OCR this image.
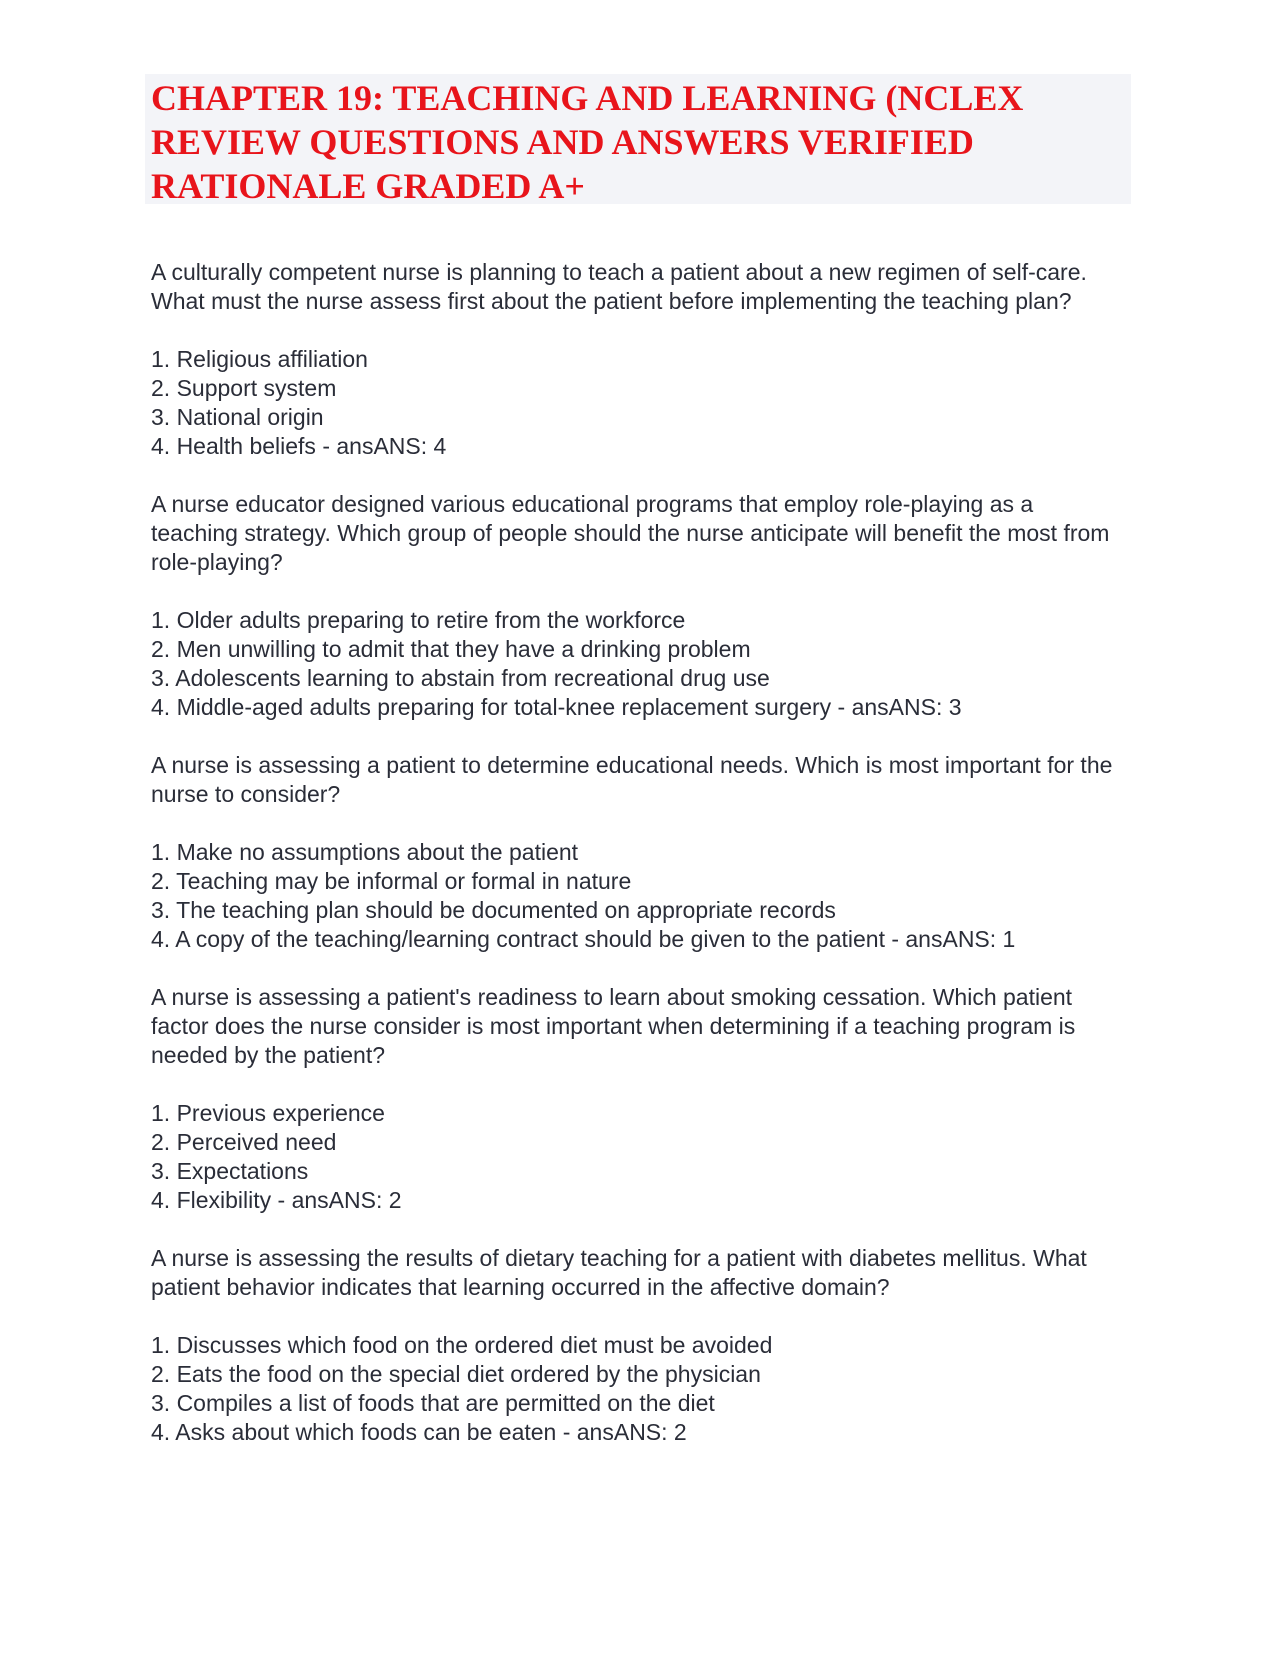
CHAPTER 19: TEACHING AND LEARNING (NCLEX REVIEW QUESTIONS AND ANSWERS VERIFIED RATIONALE GRADED A+

A culturally competent nurse is planning to teach a patient about a new regimen of self-care. What must the nurse assess first about the patient before implementing the teaching plan?

1. Religious affiliation
2. Support system
3. National origin
4. Health beliefs - ansANS: 4

A nurse educator designed various educational programs that employ role-playing as a teaching strategy. Which group of people should the nurse anticipate will benefit the most from role-playing?

1. Older adults preparing to retire from the workforce
2. Men unwilling to admit that they have a drinking problem
3. Adolescents learning to abstain from recreational drug use
4. Middle-aged adults preparing for total-knee replacement surgery - ansANS: 3

A nurse is assessing a patient to determine educational needs. Which is most important for the nurse to consider?

1. Make no assumptions about the patient
2. Teaching may be informal or formal in nature
3. The teaching plan should be documented on appropriate records
4. A copy of the teaching/learning contract should be given to the patient - ansANS: 1

A nurse is assessing a patient's readiness to learn about smoking cessation. Which patient factor does the nurse consider is most important when determining if a teaching program is needed by the patient?

1. Previous experience
2. Perceived need
3. Expectations
4. Flexibility - ansANS: 2

A nurse is assessing the results of dietary teaching for a patient with diabetes mellitus. What patient behavior indicates that learning occurred in the affective domain?

1. Discusses which food on the ordered diet must be avoided
2. Eats the food on the special diet ordered by the physician
3. Compiles a list of foods that are permitted on the diet
4. Asks about which foods can be eaten - ansANS: 2
